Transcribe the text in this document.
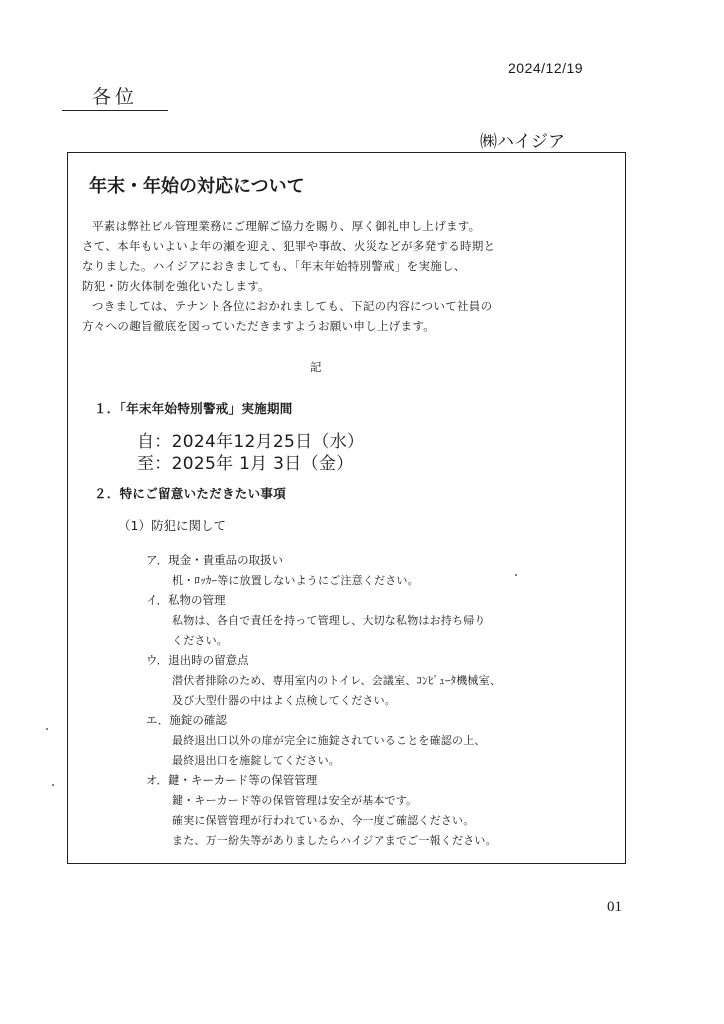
2024/12/19
各位
㈱ハイジア
年末・年始の対応について
平素は弊社ビル管理業務にご理解ご協力を賜り、厚く御礼申し上げます。
さて、本年もいよいよ年の瀬を迎え、犯罪や事故、火災などが多発する時期と
なりました。ハイジアにおきましても、「年末年始特別警戒」を実施し、
防犯・防火体制を強化いたします。
つきましては、テナント各位におかれましても、下記の内容について社員の
方々への趣旨徹底を図っていただきますようお願い申し上げます。
記
１．「年末年始特別警戒」実施期間
自：2024年12月25日（水）
至：2025年 1月 3日（金）
２．特にご留意いただきたい事項
（1）防犯に関して
ア．現金・貴重品の取扱い
机・ﾛｯｶｰ等に放置しないようにご注意ください。
イ．私物の管理
私物は、各自で責任を持って管理し、大切な私物はお持ち帰り
ください。
ウ．退出時の留意点
潜伏者排除のため、専用室内のトイレ、会議室、ｺﾝﾋﾟｭｰﾀ機械室、
及び大型什器の中はよく点検してください。
エ．施錠の確認
最終退出口以外の扉が完全に施錠されていることを確認の上、
最終退出口を施錠してください。
オ．鍵・キーカード等の保管管理
鍵・キーカード等の保管管理は安全が基本です。
確実に保管管理が行われているか、今一度ご確認ください。
また、万一紛失等がありましたらハイジアまでご一報ください。
01
